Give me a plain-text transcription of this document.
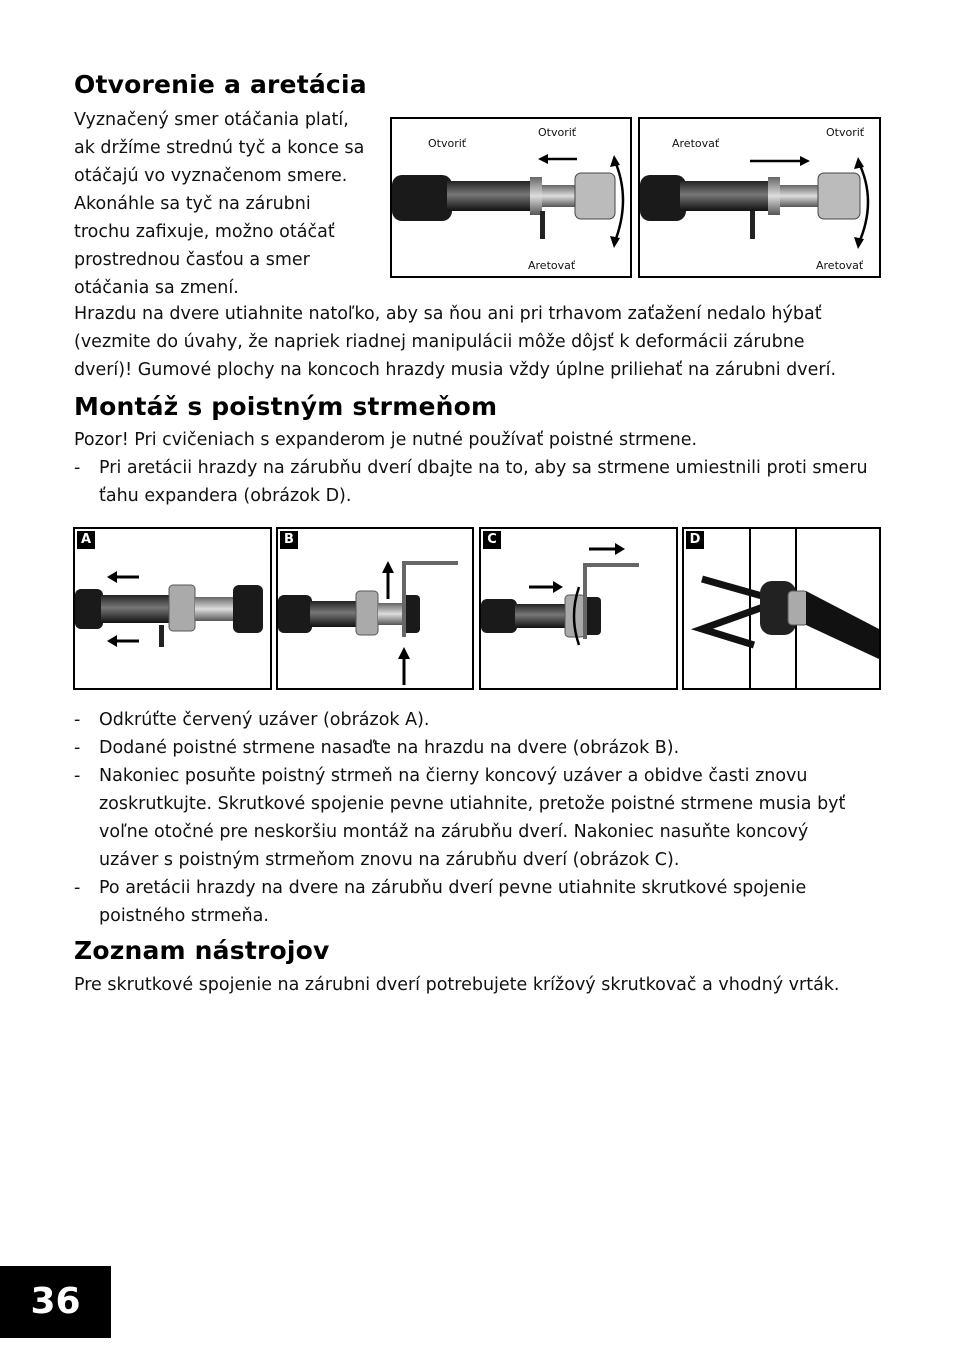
Otvorenie a aretácia
Vyznačený smer otáčania platí,
ak držíme strednú tyč a konce sa
otáčajú vo vyznačenom smere.
Akonáhle sa tyč na zárubni
trochu zafixuje, možno otáčať
prostrednou časťou a smer
otáčania sa zmení.
Otvoriť
Otvoriť
Aretovať
Aretovať
Otvoriť
Aretovať
Hrazdu na dvere utiahnite natoľko, aby sa ňou ani pri trhavom zaťažení nedalo hýbať
(vezmite do úvahy, že napriek riadnej manipulácii môže dôjsť k deformácii zárubne
dverí)! Gumové plochy na koncoch hrazdy musia vždy úplne priliehať na zárubni dverí.
Montáž s poistným strmeňom
Pozor! Pri cvičeniach s expanderom je nutné používať poistné strmene.
- Pri aretácii hrazdy na zárubňu dverí dbajte na to, aby sa strmene umiestnili proti smeru
ťahu expandera (obrázok D).
A	B	C	D
- Odkrúťte červený uzáver (obrázok A).
- Dodané poistné strmene nasaďte na hrazdu na dvere (obrázok B).
- Nakoniec posuňte poistný strmeň na čierny koncový uzáver a obidve časti znovu
zoskrutkujte. Skrutkové spojenie pevne utiahnite, pretože poistné strmene musia byť
voľne otočné pre neskoršiu montáž na zárubňu dverí. Nakoniec nasuňte koncový
uzáver s poistným strmeňom znovu na zárubňu dverí (obrázok C).
- Po aretácii hrazdy na dvere na zárubňu dverí pevne utiahnite skrutkové spojenie
poistného strmeňa.
Zoznam nástrojov
Pre skrutkové spojenie na zárubni dverí potrebujete krížový skrutkovač a vhodný vrták.
36
